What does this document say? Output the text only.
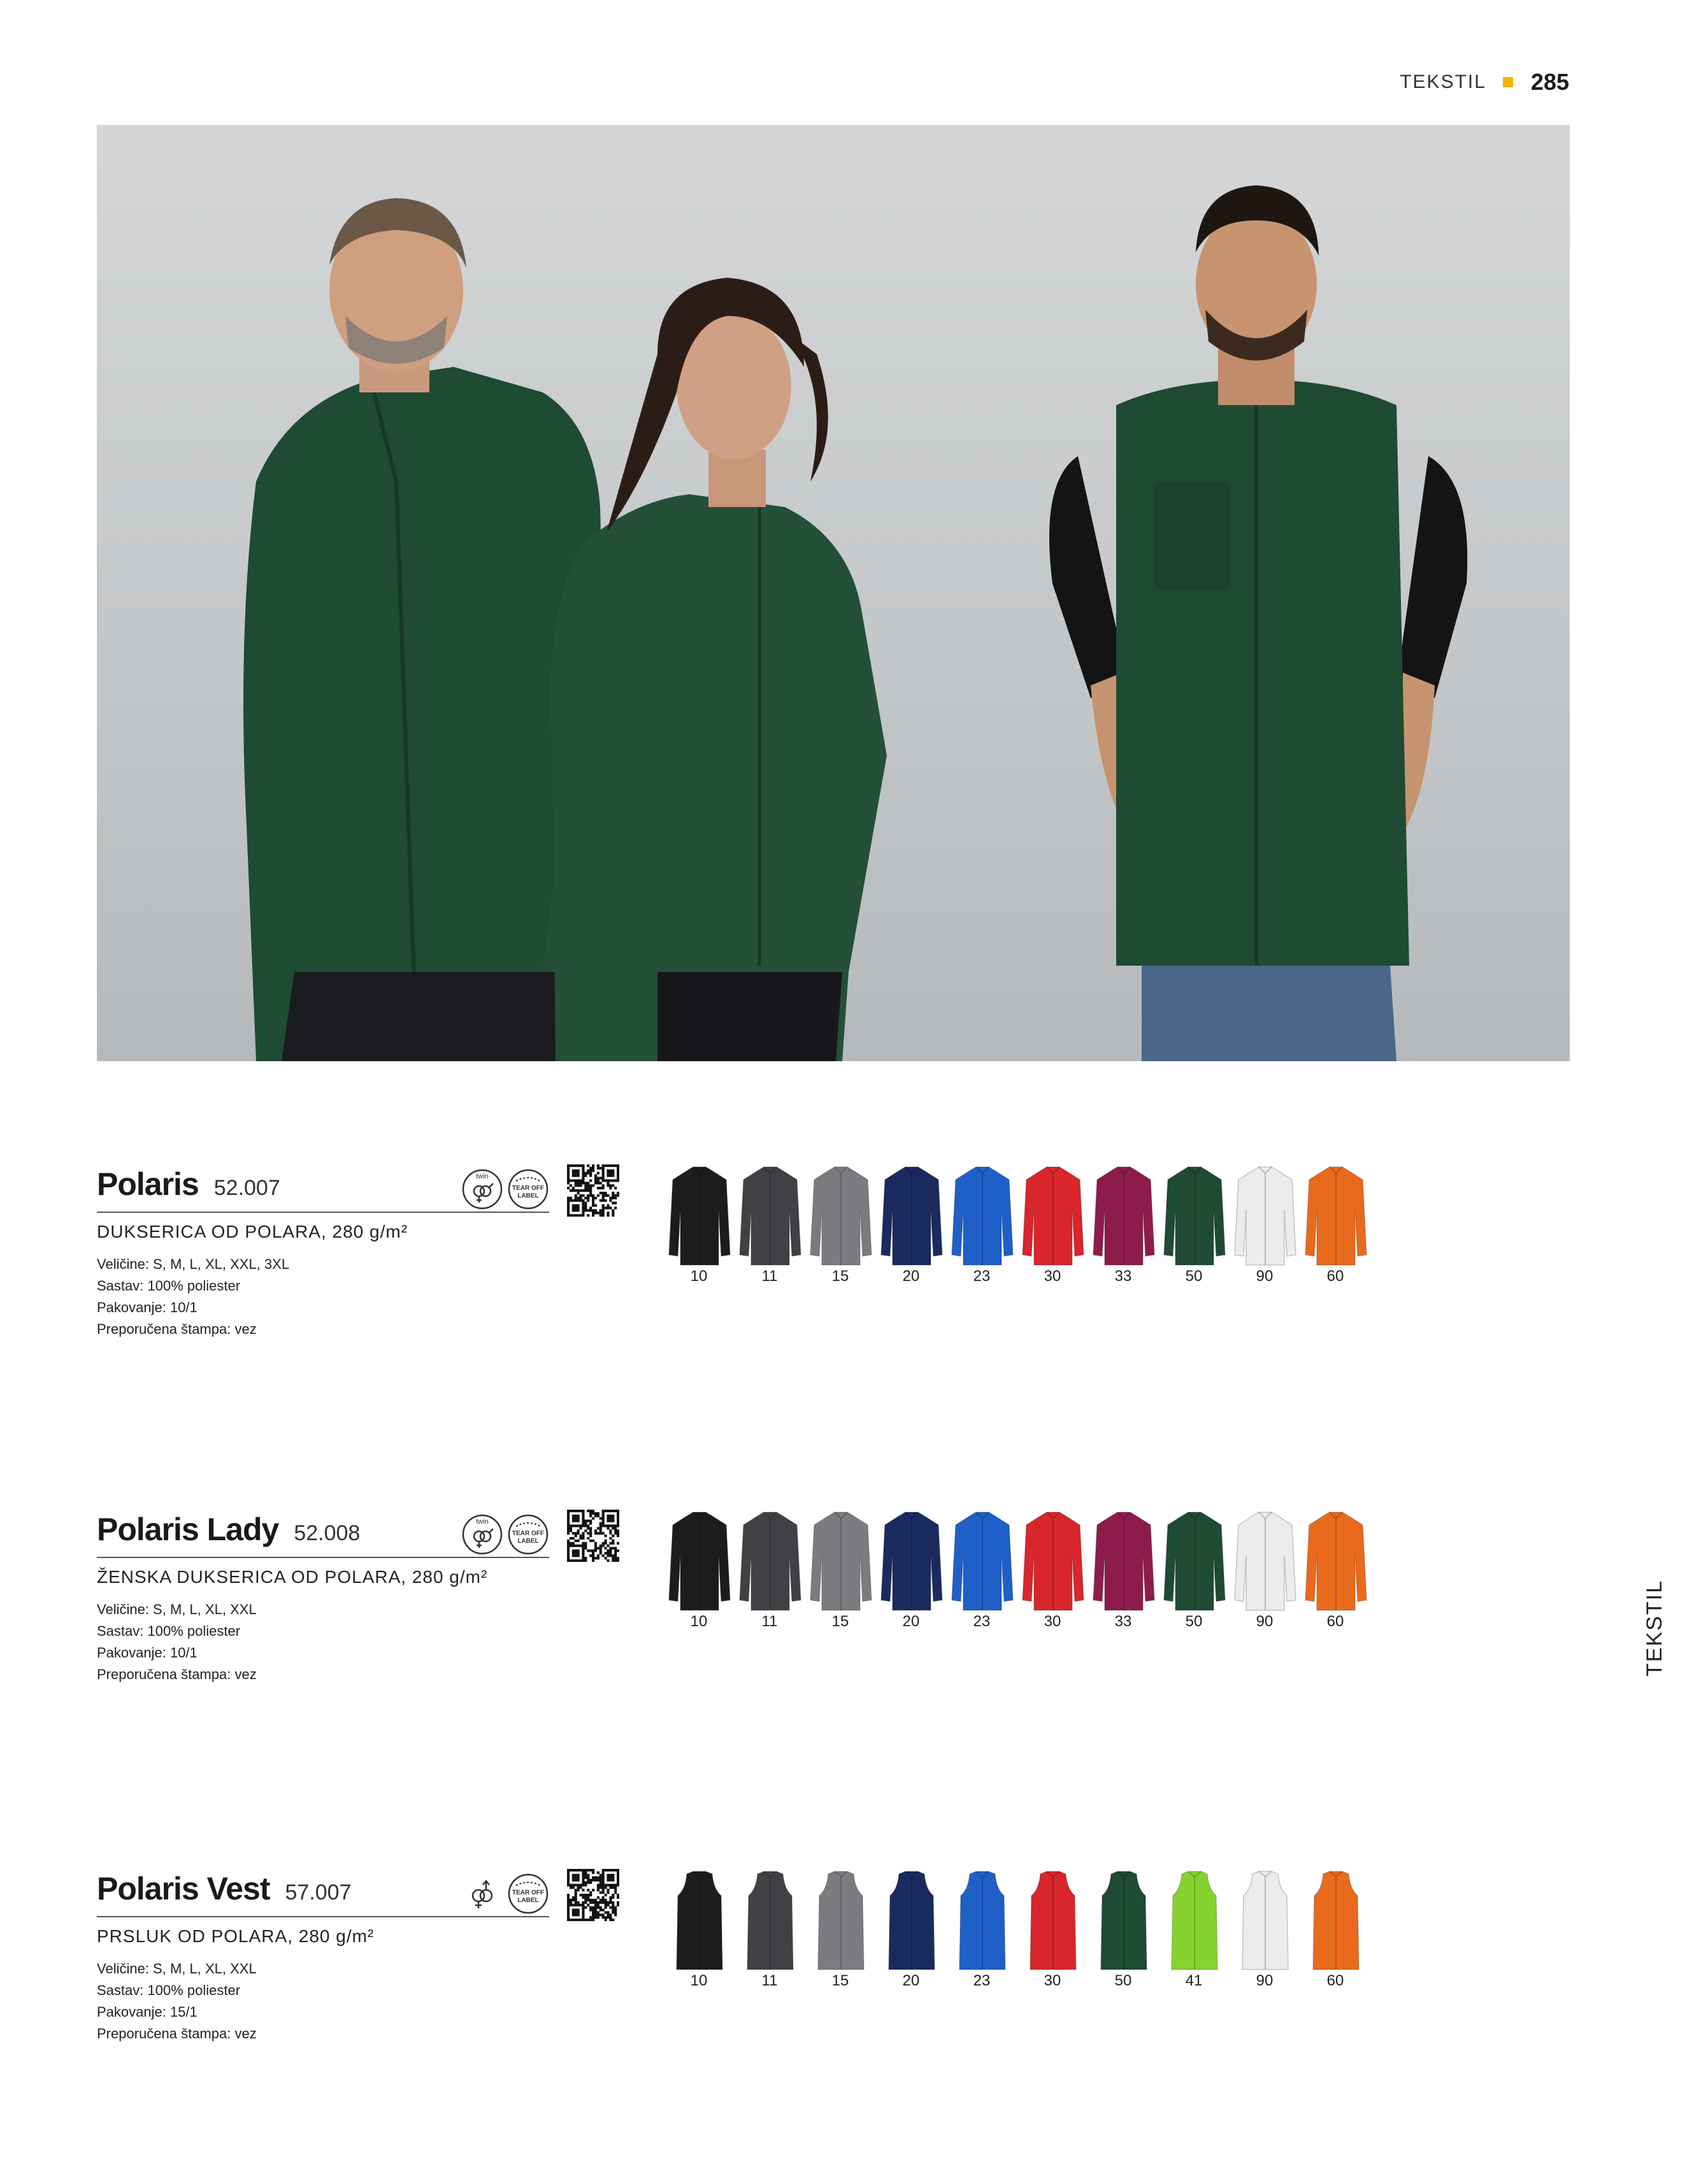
TEKSTIL 285
TEKSTIL
Polaris 52.007	twin
TEAR OFF
LABEL
DUKSERICA OD POLARA, 280 g/m²
Veličine: S, M, L, XL, XXL, 3XL
Sastav: 100% poliester
Pakovanje: 10/1
Preporučena štampa: vez
10	11	15	20	23	30	33	50	90	60
Polaris Lady 52.008	twin
TEAR OFF
LABEL
ŽENSKA DUKSERICA OD POLARA, 280 g/m²
Veličine: S, M, L, XL, XXL
Sastav: 100% poliester
Pakovanje: 10/1
Preporučena štampa: vez
10	11	15	20	23	30	33	50	90	60
Polaris Vest 57.007	TEAR OFF
LABEL
PRSLUK OD POLARA, 280 g/m²
Veličine: S, M, L, XL, XXL
Sastav: 100% poliester
Pakovanje: 15/1
Preporučena štampa: vez
10	11	15	20	23	30	50	41	90	60
